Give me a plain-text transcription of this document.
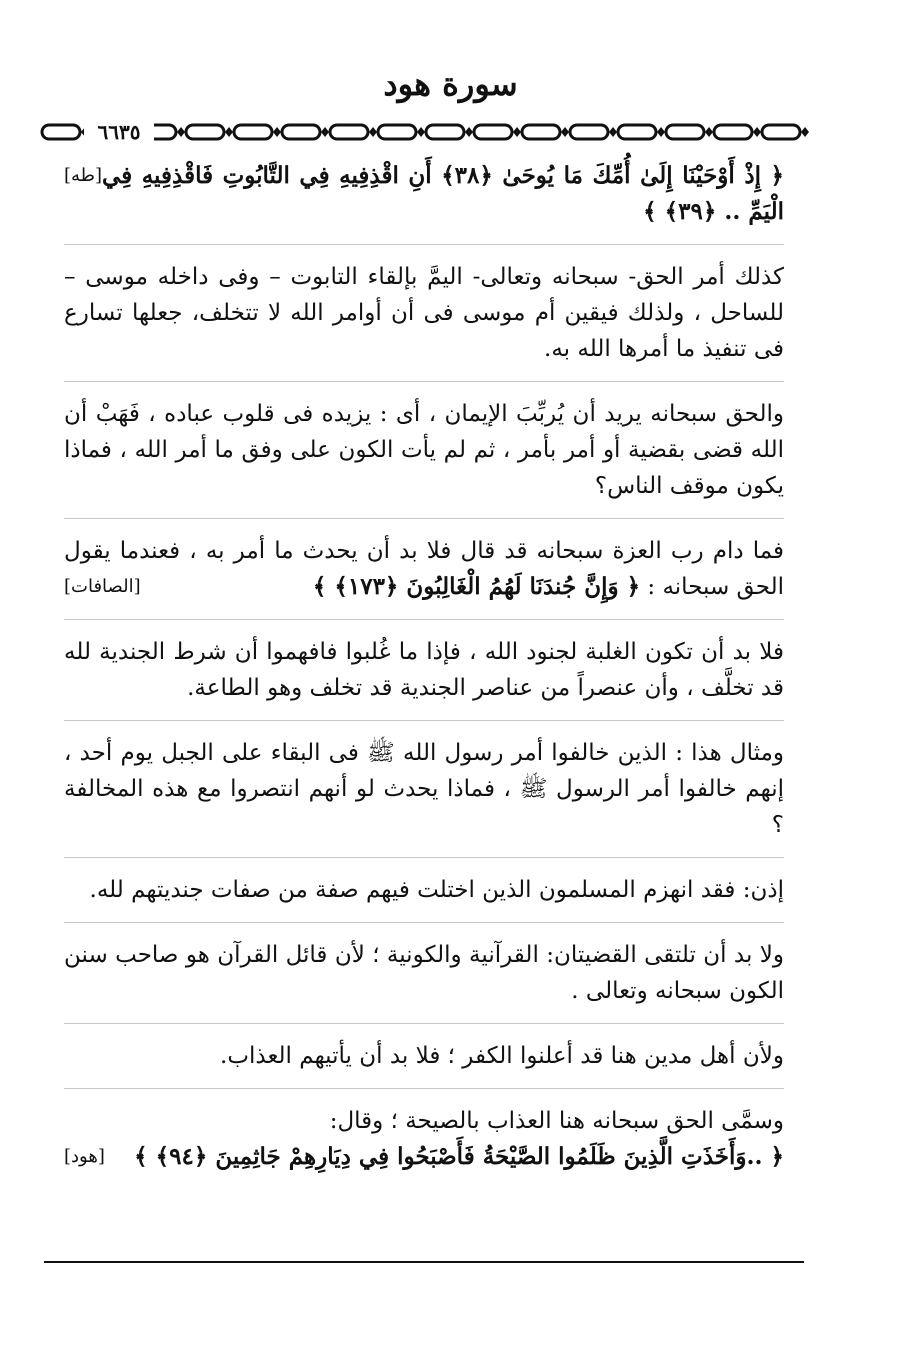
سورة هود
٦٦٣٥
[طه] ﴿ إِذْ أَوْحَيْنَا إِلَىٰ أُمِّكَ مَا يُوحَىٰ ﴿٣٨﴾ أَنِ اقْذِفِيهِ فِي التَّابُوتِ فَاقْذِفِيهِ فِي الْيَمِّ .. ﴿٣٩﴾ ﴾
كذلك أمر الحق- سبحانه وتعالى- اليمَّ بإلقاء التابوت – وفى داخله موسى – للساحل ، ولذلك فيقين أم موسى فى أن أوامر الله لا تتخلف، جعلها تسارع فى تنفيذ ما أمرها الله به.
والحق سبحانه يريد أن يُربِّبَ الإيمان ، أى : يزيده فى قلوب عباده ، فَهَبْ أن الله قضى بقضية أو أمر بأمر ، ثم لم يأت الكون على وفق ما أمر الله ، فماذا يكون موقف الناس؟
فما دام رب العزة سبحانه قد قال فلا بد أن يحدث ما أمر به ، فعندما يقول الحق سبحانه : ﴿ وَإِنَّ جُندَنَا لَهُمُ الْغَالِبُونَ ﴿١٧٣﴾ ﴾
[الصافات]
فلا بد أن تكون الغلبة لجنود الله ، فإذا ما غُلبوا فافهموا أن شرط الجندية لله قد تخلَّف ، وأن عنصراً من عناصر الجندية قد تخلف وهو الطاعة.
ومثال هذا : الذين خالفوا أمر رسول الله ﷺ فى البقاء على الجبل يوم أحد ، إنهم خالفوا أمر الرسول ﷺ ، فماذا يحدث لو أنهم انتصروا مع هذه المخالفة ؟
إذن: فقد انهزم المسلمون الذين اختلت فيهم صفة من صفات جنديتهم لله.
ولا بد أن تلتقى القضيتان: القرآنية والكونية ؛ لأن قائل القرآن هو صاحب سنن الكون سبحانه وتعالى .
ولأن أهل مدين هنا قد أعلنوا الكفر ؛ فلا بد أن يأتيهم العذاب.
وسمَّى الحق سبحانه هنا العذاب بالصيحة ؛ وقال:
[هود] ﴿ ..وَأَخَذَتِ الَّذِينَ ظَلَمُوا الصَّيْحَةُ فَأَصْبَحُوا فِي دِيَارِهِمْ جَاثِمِينَ ﴿٩٤﴾ ﴾
